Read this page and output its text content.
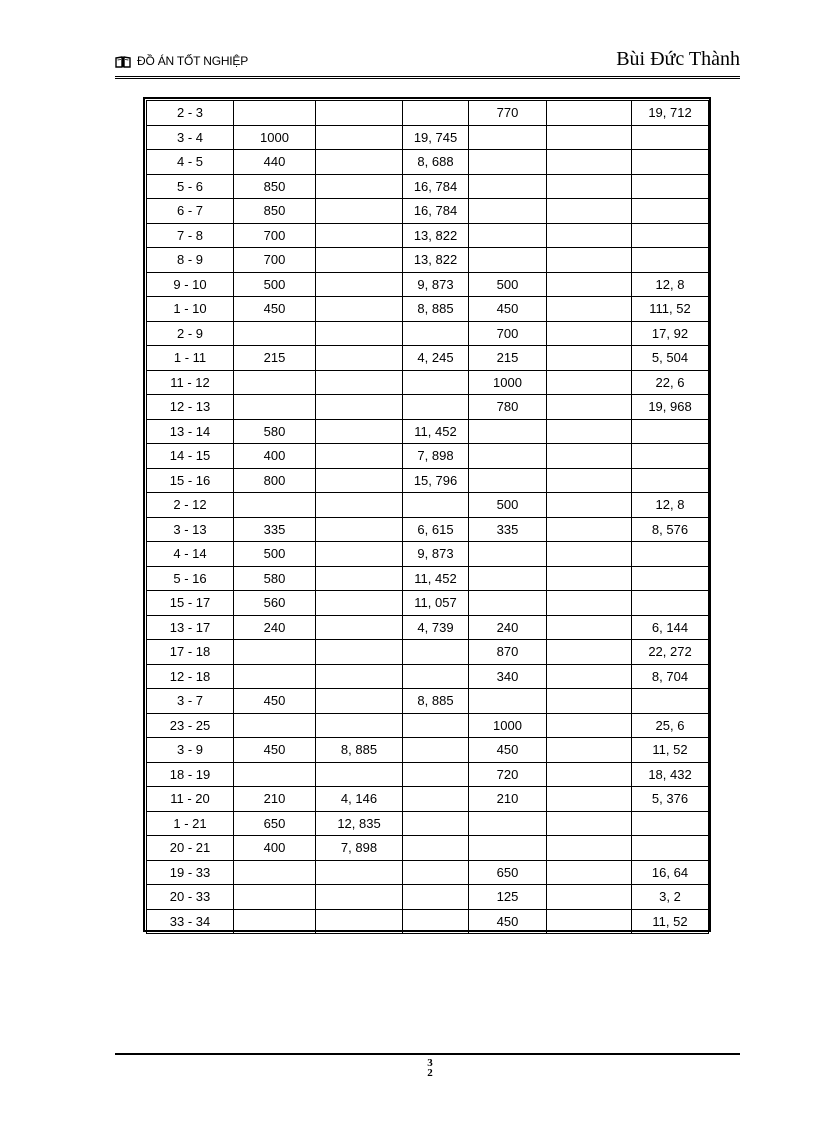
ĐỒ ÁN TỐT NGHIỆP	Bùi Đức Thành
2 - 3				770		19, 712
3 - 4	1000		19, 745			
4 - 5	440		8, 688			
5 - 6	850		16, 784			
6 - 7	850		16, 784			
7 - 8	700		13, 822			
8 - 9	700		13, 822			
9 - 10	500		9, 873	500		12, 8
1 - 10	450		8, 885	450		111, 52
2 - 9				700		17, 92
1 - 11	215		4, 245	215		5, 504
11 - 12				1000		22, 6
12 - 13				780		19, 968
13 - 14	580		11, 452			
14 - 15	400		7, 898			
15 - 16	800		15, 796			
2 - 12				500		12, 8
3 - 13	335		6, 615	335		8, 576
4 - 14	500		9, 873			
5 - 16	580		11, 452			
15 - 17	560		11, 057			
13 - 17	240		4, 739	240		6, 144
17 - 18				870		22, 272
12 - 18				340		8, 704
3 - 7	450		8, 885			
23 - 25				1000		25, 6
3 - 9	450	8, 885		450		11, 52
18 - 19				720		18, 432
11 - 20	210	4, 146		210		5, 376
1 - 21	650	12, 835				
20 - 21	400	7, 898				
19 - 33				650		16, 64
20 - 33				125		3, 2
33 - 34				450		11, 52
3
2
